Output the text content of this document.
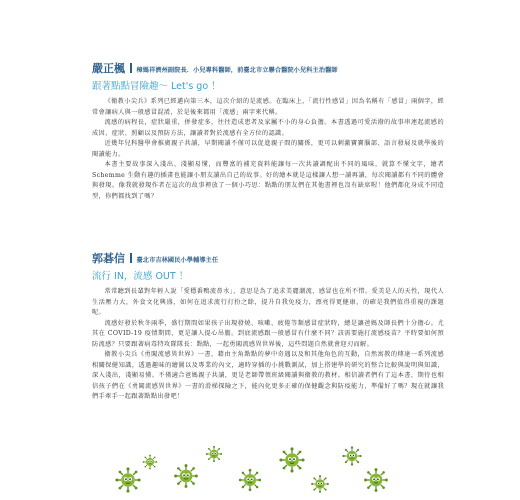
嚴正楓 樟媽祥濟州副院長．小兒專科醫師，前臺北市立聯合醫院小兒科主治醫師
跟著點點冒險趣～ Let's go ！

《衛教小尖兵》系列已經邁向第三本，這次介紹的是流感。在臨床上，「流行性感冒」因為名稱有「感冒」兩個字，經常會讓病人與一般感冒混淆，於是後來都用「流感」兩字來代稱。

流感的病程長，症狀嚴重，併發症多，往往造成患者及家屬不小的身心負擔。本書透過可愛活潑的故事串連起流感的成因、症狀、照顧以及預防方法，讓讀者對於流感有全方位的認識。

近幾年兒科醫學會推廣親子共讀，早期閱讀不僅可以促進親子間的關係，更可以刺激寶寶腦部、語言發展及就學後的閱讀能力。

本書主要故事深入淺出、淺顯易懂，而豐富的補充資料能讓每一次共讀調配出不同的風味，就算不懂文字，繪者 Schemme 生動有趣的插畫也能讓小朋友讀出自己的故事。好的繪本就是這樣讓人想一讀再讀，每次閱讀都有不同的體會與發現。像我就發現作者在這次的故事裡放了一個小巧思：點點的朋友們在其他書裡也沒有缺席喔！他們都化身成不同造型，你們都找到了嗎？

郭碁信 臺北市吉林國民小學輔導主任
流行 IN，流感 OUT ！

常常聽到長輩對年輕人說「愛穩番鴨流鼻水」，意思是為了追求美麗潮流，感冒也在所不惜。愛美是人的天性，現代人生活壓力大，外食文化興盛，如何在追求流行打扮之餘，提升自我免疫力，漂亮得更健康，的確是我們值得重視的課題呢。

流感好發於秋冬兩季，盛行期間如果孩子出現發燒、咳嗽、疲倦等類感冒症狀時，總是讓爸媽及師長們十分擔心。尤其在 COVID-19 疫情期間，更是讓人提心吊膽。到底流感跟一般感冒有什麼不同？該需要施打流感疫苗？平時要如何預防流感？只要跟著病毒特攻隊隊長：點點，一起勇闖流感異世界後，這些問題自然就會迎刃而解。

衛教小尖兵《勇闖流感異世界》一書，藉由主角點點的夢中奇遇以及和其他角色的互動，自然寓教的傳達一系列流感相關保健知識，透過趣味的繪圖以及專業的內文，適時穿插的小挑戰測試，加上搭建學的研究的整合比較與說明與知識，深入淺出，淺顯易懂。不僅適合爸媽親子共讀，更是老師帶領班級閱讀與衛教的教材。相信讀者們有了這本書，期待也相信孩子們在《勇闖流感異世界》一書的滑梯探險之下，能內化更多正確的保健觀念與防疫能力，準備好了嗎？現在就讓我們手牽手一起跟著點點出發吧！
